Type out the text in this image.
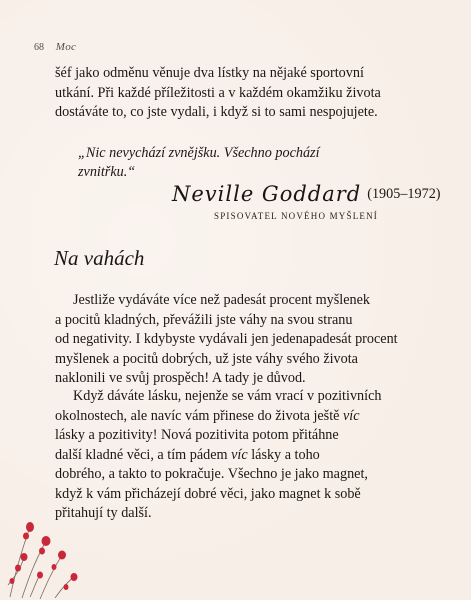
68 Moc
šéf jako odměnu věnuje dva lístky na nějaké sportovní
utkání. Při každé příležitosti a v každém okamžiku života
dostáváte to, co jste vydali, i když si to sami nespojujete.
„Nic nevychází zvnějšku. Všechno pochází
zvnitřku.“
Neville Goddard (1905–1972)
SPISOVATEL NOVÉHO MYŠLENÍ
Na vahách
Jestliže vydáváte více než padesát procent myšlenek
a pocitů kladných, převážili jste váhy na svou stranu
od negativity. I kdybyste vydávali jen jedenapadesát procent
myšlenek a pocitů dobrých, už jste váhy svého života
naklonili ve svůj prospěch! A tady je důvod.
Když dáváte lásku, nejenže se vám vrací v pozitivních
okolnostech, ale navíc vám přinese do života ještě víc
lásky a pozitivity! Nová pozitivita potom přitáhne
další kladné věci, a tím pádem víc lásky a toho
dobrého, a takto to pokračuje. Všechno je jako magnet,
když k vám přicházejí dobré věci, jako magnet k sobě
přitahují ty další.
